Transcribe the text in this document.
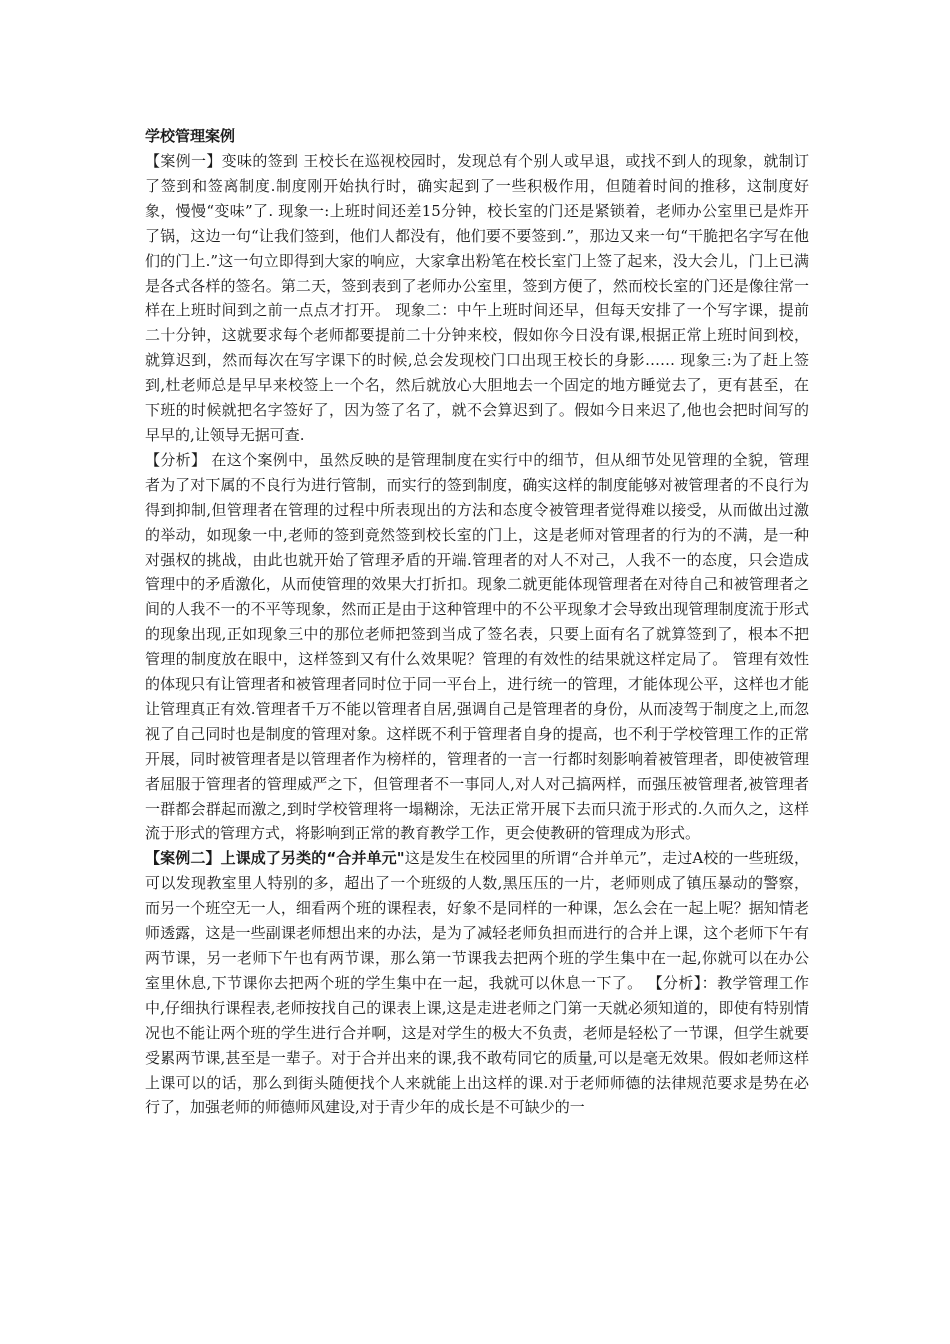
学校管理案例

【案例一】变味的签到 王校长在巡视校园时，发现总有个别人或早退，或找不到人的现象，就制订了签到和签离制度.制度刚开始执行时，确实起到了一些积极作用，但随着时间的推移，这制度好象，慢慢“变味”了. 现象一:上班时间还差15分钟，校长室的门还是紧锁着，老师办公室里已是炸开了锅，这边一句“让我们签到，他们人都没有，他们要不要签到.”，那边又来一句“干脆把名字写在他们的门上.”这一句立即得到大家的响应，大家拿出粉笔在校长室门上签了起来，没大会儿，门上已满是各式各样的签名。第二天，签到表到了老师办公室里，签到方便了，然而校长室的门还是像往常一样在上班时间到之前一点点才打开。 现象二：中午上班时间还早，但每天安排了一个写字课，提前二十分钟，这就要求每个老师都要提前二十分钟来校，假如你今日没有课,根据正常上班时间到校，就算迟到，然而每次在写字课下的时候,总会发现校门口出现王校长的身影…… 现象三:为了赶上签到,杜老师总是早早来校签上一个名，然后就放心大胆地去一个固定的地方睡觉去了，更有甚至，在下班的时候就把名字签好了，因为签了名了，就不会算迟到了。假如今日来迟了,他也会把时间写的早早的,让领导无据可查.

【分析】 在这个案例中，虽然反映的是管理制度在实行中的细节，但从细节处见管理的全貌，管理者为了对下属的不良行为进行管制，而实行的签到制度，确实这样的制度能够对被管理者的不良行为得到抑制,但管理者在管理的过程中所表现出的方法和态度令被管理者觉得难以接受，从而做出过激的举动，如现象一中,老师的签到竟然签到校长室的门上，这是老师对管理者的行为的不满，是一种对强权的挑战，由此也就开始了管理矛盾的开端.管理者的对人不对己，人我不一的态度，只会造成管理中的矛盾激化，从而使管理的效果大打折扣。现象二就更能体现管理者在对待自己和被管理者之间的人我不一的不平等现象，然而正是由于这种管理中的不公平现象才会导致出现管理制度流于形式的现象出现,正如现象三中的那位老师把签到当成了签名表，只要上面有名了就算签到了，根本不把管理的制度放在眼中，这样签到又有什么效果呢？管理的有效性的结果就这样定局了。 管理有效性的体现只有让管理者和被管理者同时位于同一平台上，进行统一的管理，才能体现公平，这样也才能让管理真正有效.管理者千万不能以管理者自居,强调自己是管理者的身份，从而凌驾于制度之上,而忽视了自己同时也是制度的管理对象。这样既不利于管理者自身的提高，也不利于学校管理工作的正常开展，同时被管理者是以管理者作为榜样的，管理者的一言一行都时刻影响着被管理者，即使被管理者屈服于管理者的管理威严之下，但管理者不一事同人,对人对己搞两样，而强压被管理者,被管理者一群都会群起而激之,到时学校管理将一塌糊涂，无法正常开展下去而只流于形式的.久而久之，这样流于形式的管理方式，将影响到正常的教育教学工作，更会使教研的管理成为形式。

【案例二】上课成了另类的“合并单元"这是发生在校园里的所谓“合并单元”，走过A校的一些班级，可以发现教室里人特别的多，超出了一个班级的人数,黑压压的一片，老师则成了镇压暴动的警察，而另一个班空无一人，细看两个班的课程表，好象不是同样的一种课，怎么会在一起上呢？据知情老师透露，这是一些副课老师想出来的办法，是为了减轻老师负担而进行的合并上课，这个老师下午有两节课，另一老师下午也有两节课，那么第一节课我去把两个班的学生集中在一起,你就可以在办公室里休息,下节课你去把两个班的学生集中在一起，我就可以休息一下了。 【分析】：教学管理工作中,仔细执行课程表,老师按找自己的课表上课,这是走进老师之门第一天就必须知道的，即使有特别情况也不能让两个班的学生进行合并啊，这是对学生的极大不负责，老师是轻松了一节课，但学生就要受累两节课,甚至是一辈子。对于合并出来的课,我不敢苟同它的质量,可以是毫无效果。假如老师这样上课可以的话，那么到街头随便找个人来就能上出这样的课.对于老师师德的法律规范要求是势在必行了，加强老师的师德师风建设,对于青少年的成长是不可缺少的一
